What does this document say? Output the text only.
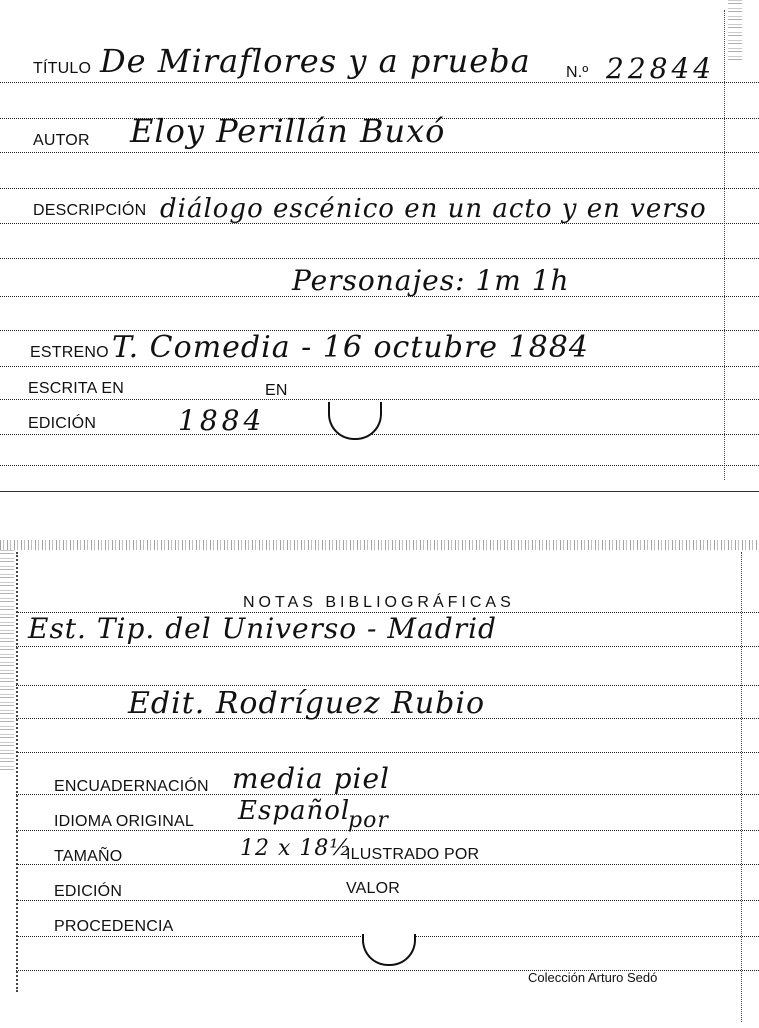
TÍTULO De Miraflores y a prueba N.º 22844
AUTOR Eloy Perillán Buxó
DESCRIPCIÓN diálogo escénico en un acto y en verso
Personajes: 1m 1h
ESTRENO T. Comedia - 16 octubre 1884
ESCRITA EN	EN
EDICIÓN	1884
NOTAS BIBLIOGRÁFICAS
Est. Tip. del Universo - Madrid
Edit. Rodríguez Rubio
ENCUADERNACIÓN media piel
IDIOMA ORIGINAL Español
por
TAMAÑO	12 x 18½
ILUSTRADO POR
EDICIÓN	VALOR
PROCEDENCIA
Colección Arturo Sedó
